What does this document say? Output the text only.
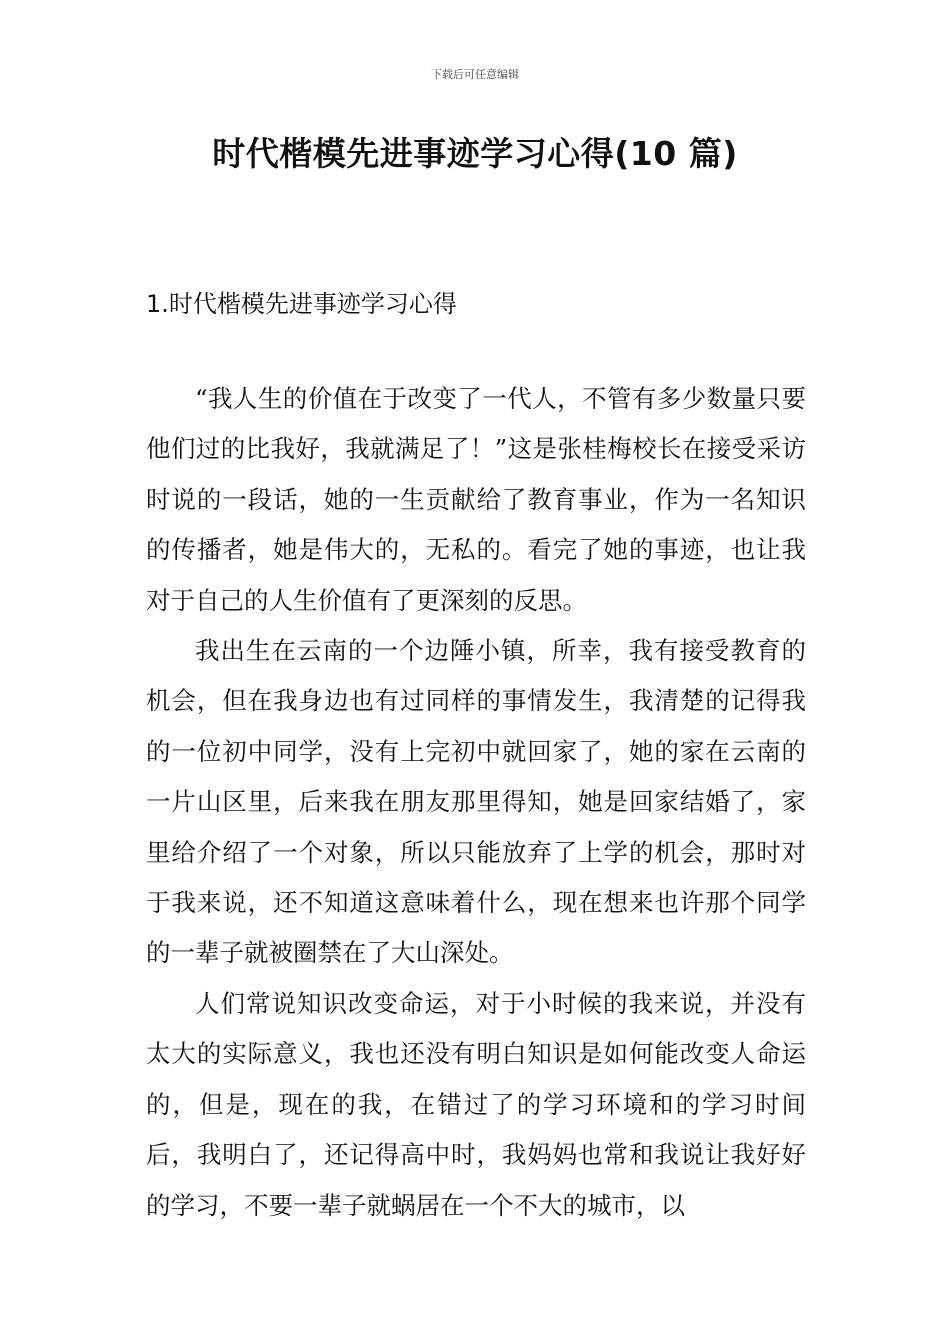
下载后可任意编辑
时代楷模先进事迹学习心得(10 篇)
1.时代楷模先进事迹学习心得

“我人生的价值在于改变了一代人，不管有多少数量只要他们过的比我好，我就满足了！”这是张桂梅校长在接受采访时说的一段话，她的一生贡献给了教育事业，作为一名知识的传播者，她是伟大的，无私的。看完了她的事迹，也让我对于自己的人生价值有了更深刻的反思。

我出生在云南的一个边陲小镇，所幸，我有接受教育的机会，但在我身边也有过同样的事情发生，我清楚的记得我的一位初中同学，没有上完初中就回家了，她的家在云南的一片山区里，后来我在朋友那里得知，她是回家结婚了，家里给介绍了一个对象，所以只能放弃了上学的机会，那时对于我来说，还不知道这意味着什么，现在想来也许那个同学的一辈子就被圈禁在了大山深处。

人们常说知识改变命运，对于小时候的我来说，并没有太大的实际意义，我也还没有明白知识是如何能改变人命运的，但是，现在的我，在错过了的学习环境和的学习时间后，我明白了，还记得高中时，我妈妈也常和我说让我好好的学习，不要一辈子就蜗居在一个不大的城市，以
